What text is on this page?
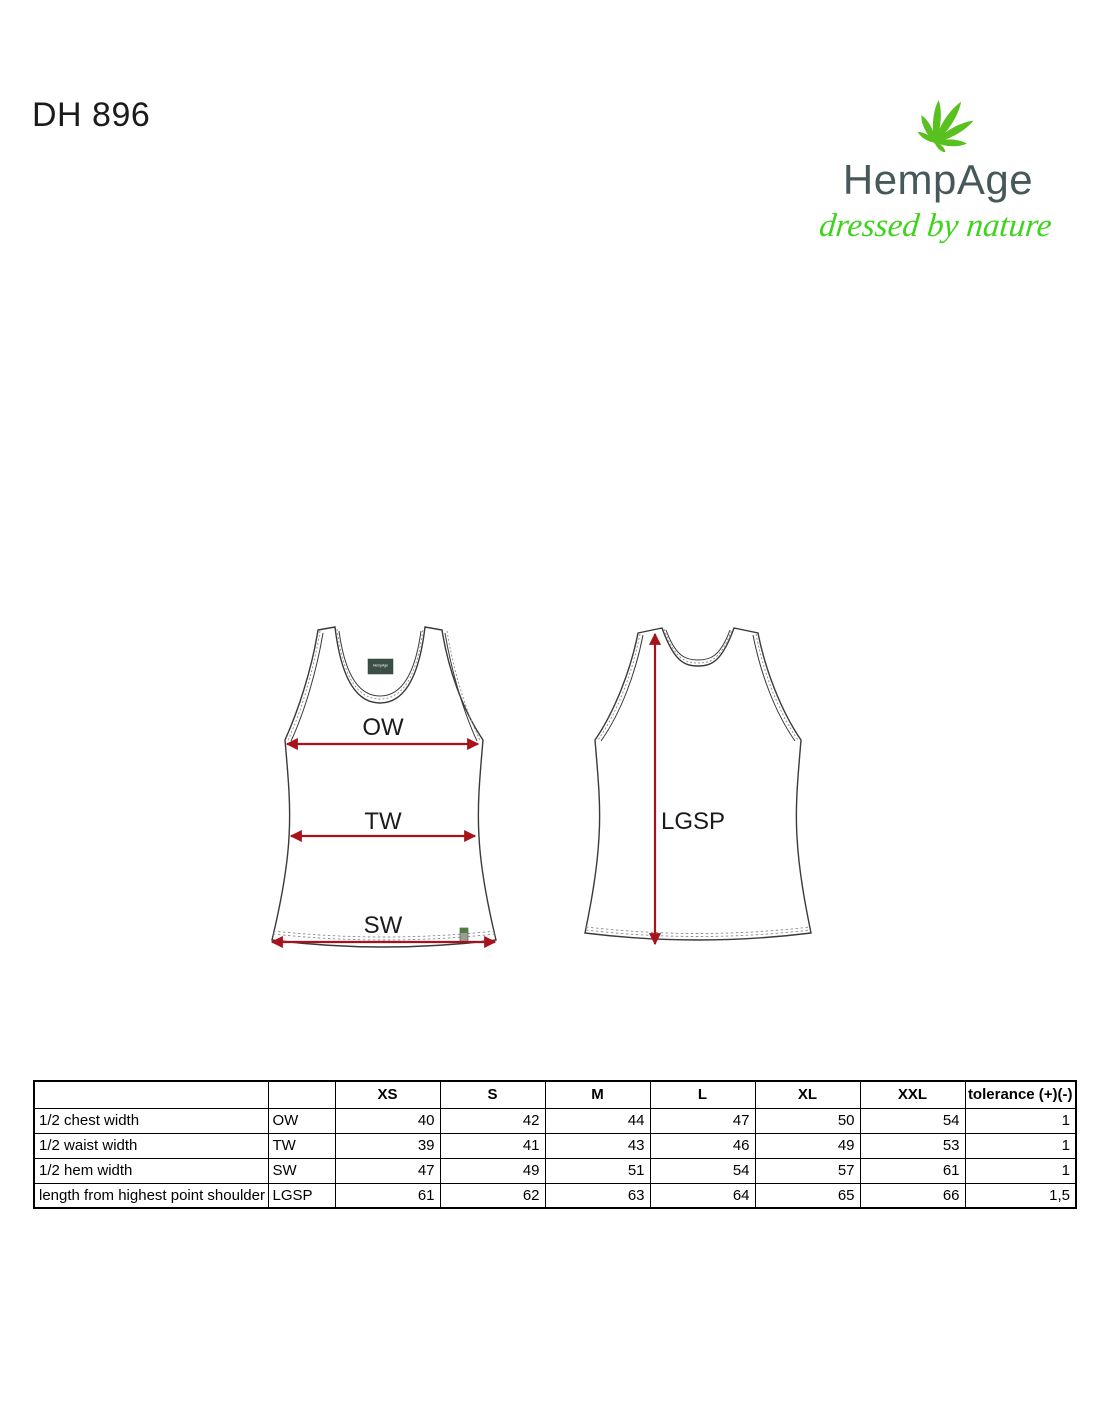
DH 896
HempAge
dressed by nature
HempAge
.
OW
TW
SW
LGSP
		XS	S	M	L	XL	XXL	tolerance (+)(-)
1/2 chest width	OW	40	42	44	47	50	54	1
1/2 waist width	TW	39	41	43	46	49	53	1
1/2 hem width	SW	47	49	51	54	57	61	1
length from highest point shoulder	LGSP	61	62	63	64	65	66	1,5
